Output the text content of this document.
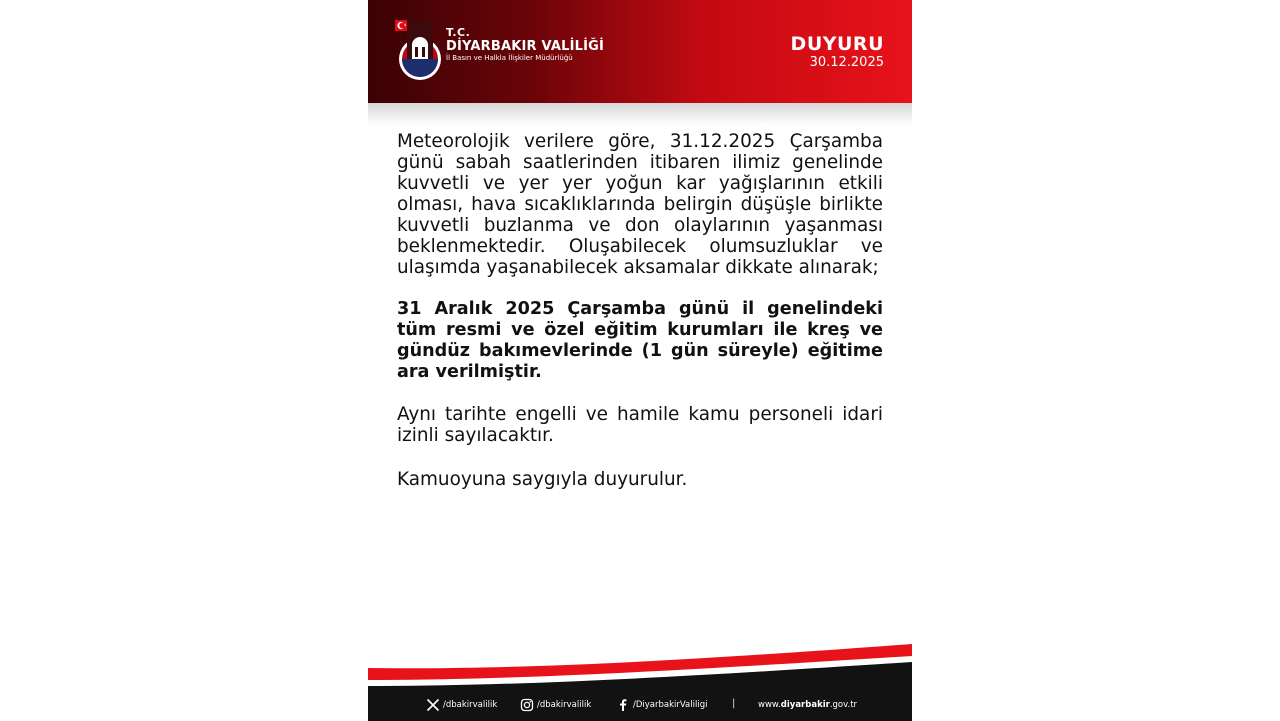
T.C.
DİYARBAKIR VALİLİĞİ
İl Basın ve Halkla İlişkiler Müdürlüğü
DUYURU
30.12.2025

Meteorolojik verilere göre, 31.12.2025 Çarşamba günü sabah saatlerinden itibaren ilimiz genelinde kuvvetli ve yer yer yoğun kar yağışlarının etkili olması, hava sıcaklıklarında belirgin düşüşle birlikte kuvvetli buzlanma ve don olaylarının yaşanması beklenmektedir. Oluşabilecek olumsuzluklar ve ulaşımda yaşanabilecek aksamalar dikkate alınarak;

31 Aralık 2025 Çarşamba günü il genelindeki tüm resmi ve özel eğitim kurumları ile kreş ve gündüz bakımevlerinde (1 gün süreyle) eğitime ara verilmiştir.

Aynı tarihte engelli ve hamile kamu personeli idari izinli sayılacaktır.

Kamuoyuna saygıyla duyurulur.

/dbakirvalilik	/dbakirvalilik	/DiyarbakirValiligi |	www.diyarbakir.gov.tr
